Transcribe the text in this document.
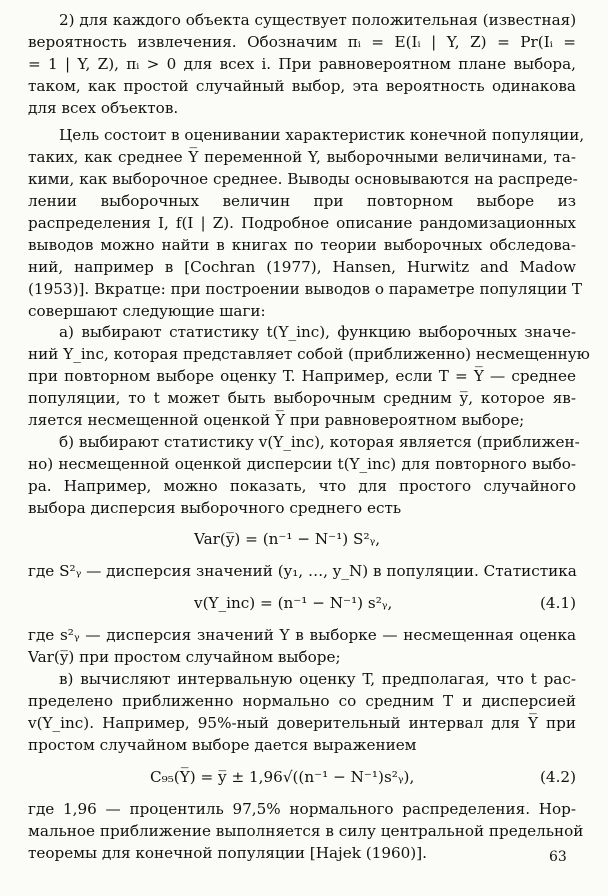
2) для каждого объекта существует положительная (известная)
вероятность извлечения. Обозначим πᵢ = E(Iᵢ | Y, Z) = Pr(Iᵢ =
= 1 | Y, Z), πᵢ > 0 для всех i. При равновероятном плане выбора,
таком, как простой случайный выбор, эта вероятность одинакова
для всех объектов.
Цель состоит в оценивании характеристик конечной популяции,
таких, как среднее Y̅ переменной Y, выборочными величинами, та-
кими, как выборочное среднее. Выводы основываются на распреде-
лении выборочных величин при повторном выборе из
распределения I, f(I | Z). Подробное описание рандомизационных
выводов можно найти в книгах по теории выборочных обследова-
ний, например в [Cochran (1977), Hansen, Hurwitz and Madow
(1953)]. Вкратце: при построении выводов о параметре популяции T
совершают следующие шаги:
а) выбирают статистику t(Y_inc), функцию выборочных значе-
ний Y_inc, которая представляет собой (приближенно) несмещенную
при повторном выборе оценку T. Например, если T = Y̅ — среднее
популяции, то t может быть выборочным средним y̅, которое яв-
ляется несмещенной оценкой Y̅ при равновероятном выборе;
б) выбирают статистику v(Y_inc), которая является (приближен-
но) несмещенной оценкой дисперсии t(Y_inc) для повторного выбо-
ра. Например, можно показать, что для простого случайного
выбора дисперсия выборочного среднего есть
Var(y̅) = (n⁻¹ − N⁻¹) S²ᵧ,
где S²ᵧ — дисперсия значений (y₁, …, y_N) в популяции. Статистика
v(Y_inc) = (n⁻¹ − N⁻¹) s²ᵧ,	(4.1)
где s²ᵧ — дисперсия значений Y в выборке — несмещенная оценка
Var(y̅) при простом случайном выборе;
в) вычисляют интервальную оценку T, предполагая, что t рас-
пределено приближенно нормально со средним T и дисперсией
v(Y_inc). Например, 95%-ный доверительный интервал для Y̅ при
простом случайном выборе дается выражением
C₉₅(Y̅) = y̅ ± 1,96√((n⁻¹ − N⁻¹)s²ᵧ),	(4.2)
где 1,96 — процентиль 97,5% нормального распределения. Нор-
мальное приближение выполняется в силу центральной предельной
теоремы для конечной популяции [Hajek (1960)].	63
